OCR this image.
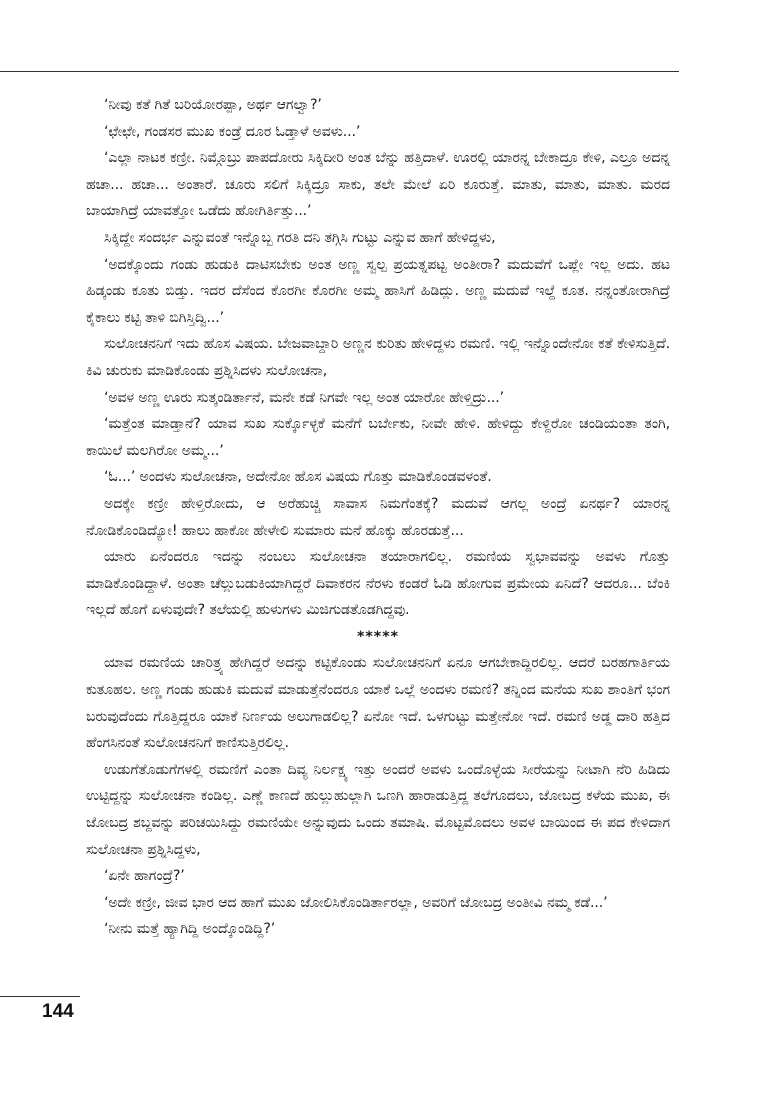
‘ನೀವು ಕತೆ ಗಿತೆ ಬರಿಯೋರಪ್ಪಾ, ಅರ್ಥ ಆಗಲ್ವಾ?’

‘ಛೇಛೇ, ಗಂಡಸರ ಮುಖ ಕಂಡ್ರೆ ದೂರ ಓಡ್ತಾಳೆ ಅವಳು...’

‘ಎಲ್ಲಾ ನಾಟಕ ಕಣ್ರೀ. ನಿಮ್ಗೊಬ್ರು ಪಾಪದೋರು ಸಿಕ್ಕಿದೀರಿ ಅಂತ ಬೆನ್ನು ಹತ್ತಿದಾಳೆ. ಊರಲ್ಲಿ ಯಾರನ್ನ ಬೇಕಾದ್ರೂ ಕೇಳಿ, ಎಲ್ರೂ ಅದನ್ನ ಹಚಾ... ಹಚಾ... ಅಂತಾರೆ. ಚೂರು ಸಲಿಗೆ ಸಿಕ್ಕಿದ್ರೂ ಸಾಕು, ತಲೇ ಮೇಲೆ ಏರಿ ಕೂರುತ್ತೆ. ಮಾತು, ಮಾತು, ಮಾತು. ಮರದ ಬಾಯಾಗಿದ್ರೆ ಯಾವತ್ತೋ ಒಡೆದು ಹೋಗಿರ್ತಿತ್ತು...’

ಸಿಕ್ಕಿದ್ದೇ ಸಂದರ್ಭ ಎನ್ನುವಂತೆ ಇನ್ನೊಬ್ಬ ಗರತಿ ದನಿ ತಗ್ಗಿಸಿ ಗುಟ್ಟು ಎನ್ನುವ ಹಾಗೆ ಹೇಳಿದ್ದಳು,

‘ಅದಕ್ಕೊಂದು ಗಂಡು ಹುಡುಕಿ ದಾಟಿಸಬೇಕು ಅಂತ ಅಣ್ಣ ಸ್ವಲ್ಪ ಪ್ರಯತ್ನಪಟ್ಟ ಅಂತೀರಾ? ಮದುವೆಗೆ ಒಪ್ಲೇ ಇಲ್ಲ ಅದು. ಹಟ ಹಿಡ್ಕಂಡು ಕೂತು ಬಿಡ್ತು. ಇದರ ದೆಸೆಂದ ಕೊರಗೀ ಕೊರಗೀ ಅಮ್ಮ ಹಾಸಿಗೆ ಹಿಡಿದ್ಲು. ಅಣ್ಣ ಮದುವೆ ಇಲ್ದೆ ಕೂತ. ನನ್ನಂತೋರಾಗಿದ್ರೆ ಕೈಕಾಲು ಕಟ್ಟಿ ತಾಳಿ ಬಿಗಿಸ್ತಿದ್ವಿ...’

ಸುಲೋಚನನಿಗೆ ಇದು ಹೊಸ ವಿಷಯ. ಬೇಜವಾಬ್ದಾರಿ ಅಣ್ಣನ ಕುರಿತು ಹೇಳಿದ್ದಳು ರಮಣಿ. ಇಲ್ಲಿ ಇನ್ನೊಂದೇನೋ ಕತೆ ಕೇಳಿಸುತ್ತಿದೆ. ಕಿವಿ ಚುರುಕು ಮಾಡಿಕೊಂಡು ಪ್ರಶ್ನಿಸಿದಳು ಸುಲೋಚನಾ,

‘ಅವಳ ಅಣ್ಣ ಊರು ಸುತ್ಕಂಡಿರ್ತಾನೆ, ಮನೇ ಕಡೆ ನಿಗವೇ ಇಲ್ಲ ಅಂತ ಯಾರೋ ಹೇಳ್ತಿದ್ರು...’

‘ಮತ್ತೆಂತ ಮಾಡ್ತಾನೆ? ಯಾವ ಸುಖ ಸುರ್ಕ್ಕೊಳ್ಳಕೆ ಮನೆಗೆ ಬರ್ಬೇಕು, ನೀವೇ ಹೇಳಿ. ಹೇಳಿದ್ದು ಕೇಳ್ದಿರೋ ಚಂಡಿಯಂತಾ ತಂಗಿ, ಕಾಯಿಲೆ ಮಲಗಿರೋ ಅಮ್ಮ...’

‘ಓ...’ ಅಂದಳು ಸುಲೋಚನಾ, ಅದೇನೋ ಹೊಸ ವಿಷಯ ಗೊತ್ತು ಮಾಡಿಕೊಂಡವಳಂತೆ.

ಅದಕ್ಕೇ ಕಣ್ರೀ ಹೇಳ್ತಿರೋದು, ಆ ಅರೆಹುಚ್ಚಿ ಸಾವಾಸ ನಿಮಗೆಂತಕ್ಕೆ? ಮದುವೆ ಆಗಲ್ಲ ಅಂದ್ರೆ ಏನರ್ಥ? ಯಾರನ್ನ ನೋಡಿಕೊಂಡಿದ್ಯೋ! ಹಾಲು ಹಾಕೋ ಹೇಳೇಲಿ ಸುಮಾರು ಮನೆ ಹೊಕ್ಕು ಹೊರಡುತ್ತೆ...

ಯಾರು ಏನೆಂದರೂ ಇದನ್ನು ನಂಬಲು ಸುಲೋಚನಾ ತಯಾರಾಗಲಿಲ್ಲ. ರಮಣಿಯ ಸ್ವಭಾವವನ್ನು ಅವಳು ಗೊತ್ತು ಮಾಡಿಕೊಂಡಿದ್ದಾಳೆ. ಅಂತಾ ಚೆಲ್ಲುಬಡುಕಿಯಾಗಿದ್ದರೆ ದಿವಾಕರನ ನೆರಳು ಕಂಡರೆ ಓಡಿ ಹೋಗುವ ಪ್ರಮೇಯ ಏನಿದೆ? ಆದರೂ... ಬೆಂಕಿ ಇಲ್ಲದೆ ಹೊಗೆ ಏಳುವುದೇ? ತಲೆಯಲ್ಲಿ ಹುಳುಗಳು ಮಿಜಿಗುಡತೊಡಗಿದ್ದವು.

*****

ಯಾವ ರಮಣಿಯ ಚಾರಿತ್ರ್ಯ ಹೇಗಿದ್ದರೆ ಅದನ್ನು ಕಟ್ಟಿಕೊಂಡು ಸುಲೋಚನನಿಗೆ ಏನೂ ಆಗಬೇಕಾದ್ದಿರಲಿಲ್ಲ. ಆದರೆ ಬರಹಗಾರ್ತಿಯ ಕುತೂಹಲ. ಅಣ್ಣ ಗಂಡು ಹುಡುಕಿ ಮದುವೆ ಮಾಡುತ್ತೆನೆಂದರೂ ಯಾಕೆ ಒಲ್ಲೆ ಅಂದಳು ರಮಣಿ? ತನ್ನಿಂದ ಮನೆಯ ಸುಖ ಶಾಂತಿಗೆ ಭಂಗ ಬರುವುದೆಂದು ಗೊತ್ತಿದ್ದರೂ ಯಾಕೆ ನಿರ್ಣಯ ಅಲುಗಾಡಲಿಲ್ಲ? ಏನೋ ಇದೆ. ಒಳಗುಟ್ಟು ಮತ್ತೇನೋ ಇದೆ. ರಮಣಿ ಅಡ್ಡ ದಾರಿ ಹತ್ತಿದ ಹೆಂಗಸಿನಂತೆ ಸುಲೋಚನನಿಗೆ ಕಾಣಿಸುತ್ತಿರಲಿಲ್ಲ.

ಉಡುಗೆತೊಡುಗೆಗಳಲ್ಲಿ ರಮಣಿಗೆ ಎಂತಾ ದಿವ್ಯ ನಿರ್ಲಕ್ಷ್ಯ ಇತ್ತು ಅಂದರೆ ಅವಳು ಒಂದೊಳ್ಳೆಯ ಸೀರೆಯನ್ನು ನೀಟಾಗಿ ನೆರಿ ಹಿಡಿದು ಉಟ್ಟಿದ್ದನ್ನು ಸುಲೋಚನಾ ಕಂಡಿಲ್ಲ. ಎಣ್ಣೆ ಕಾಣದೆ ಹುಲ್ಲುಹುಲ್ಲಾಗಿ ಒಣಗಿ ಹಾರಾಡುತ್ತಿದ್ದ ತಲೆಗೂದಲು, ಜೋಬದ್ರ ಕಳೆಯ ಮುಖ, ಈ ಜೋಬದ್ರ ಶಬ್ದವನ್ನು ಪರಿಚಯಿಸಿದ್ದು ರಮಣಿಯೇ ಅನ್ನುವುದು ಒಂದು ತಮಾಷಿ. ಮೊಟ್ಟಮೊದಲು ಅವಳ ಬಾಯಿಂದ ಈ ಪದ ಕೇಳಿದಾಗ ಸುಲೋಚನಾ ಪ್ರಶ್ನಿಸಿದ್ದಳು,

‘ಏನೇ ಹಾಗಂದ್ರೆ?’

‘ಅದೇ ಕಣ್ರೀ, ಜೀವ ಭಾರ ಆದ ಹಾಗೆ ಮುಖ ಜೋಲಿಸಿಕೊಂಡಿರ್ತಾರಲ್ಲಾ, ಅವರಿಗೆ ಜೋಬದ್ರ ಅಂತೀವಿ ನಮ್ಮ ಕಡೆ...’

‘ನೀನು ಮತ್ತೆ ಹ್ಯಾಗಿದ್ದಿ ಅಂದ್ಕೊಂಡಿದ್ದಿ?’

144
